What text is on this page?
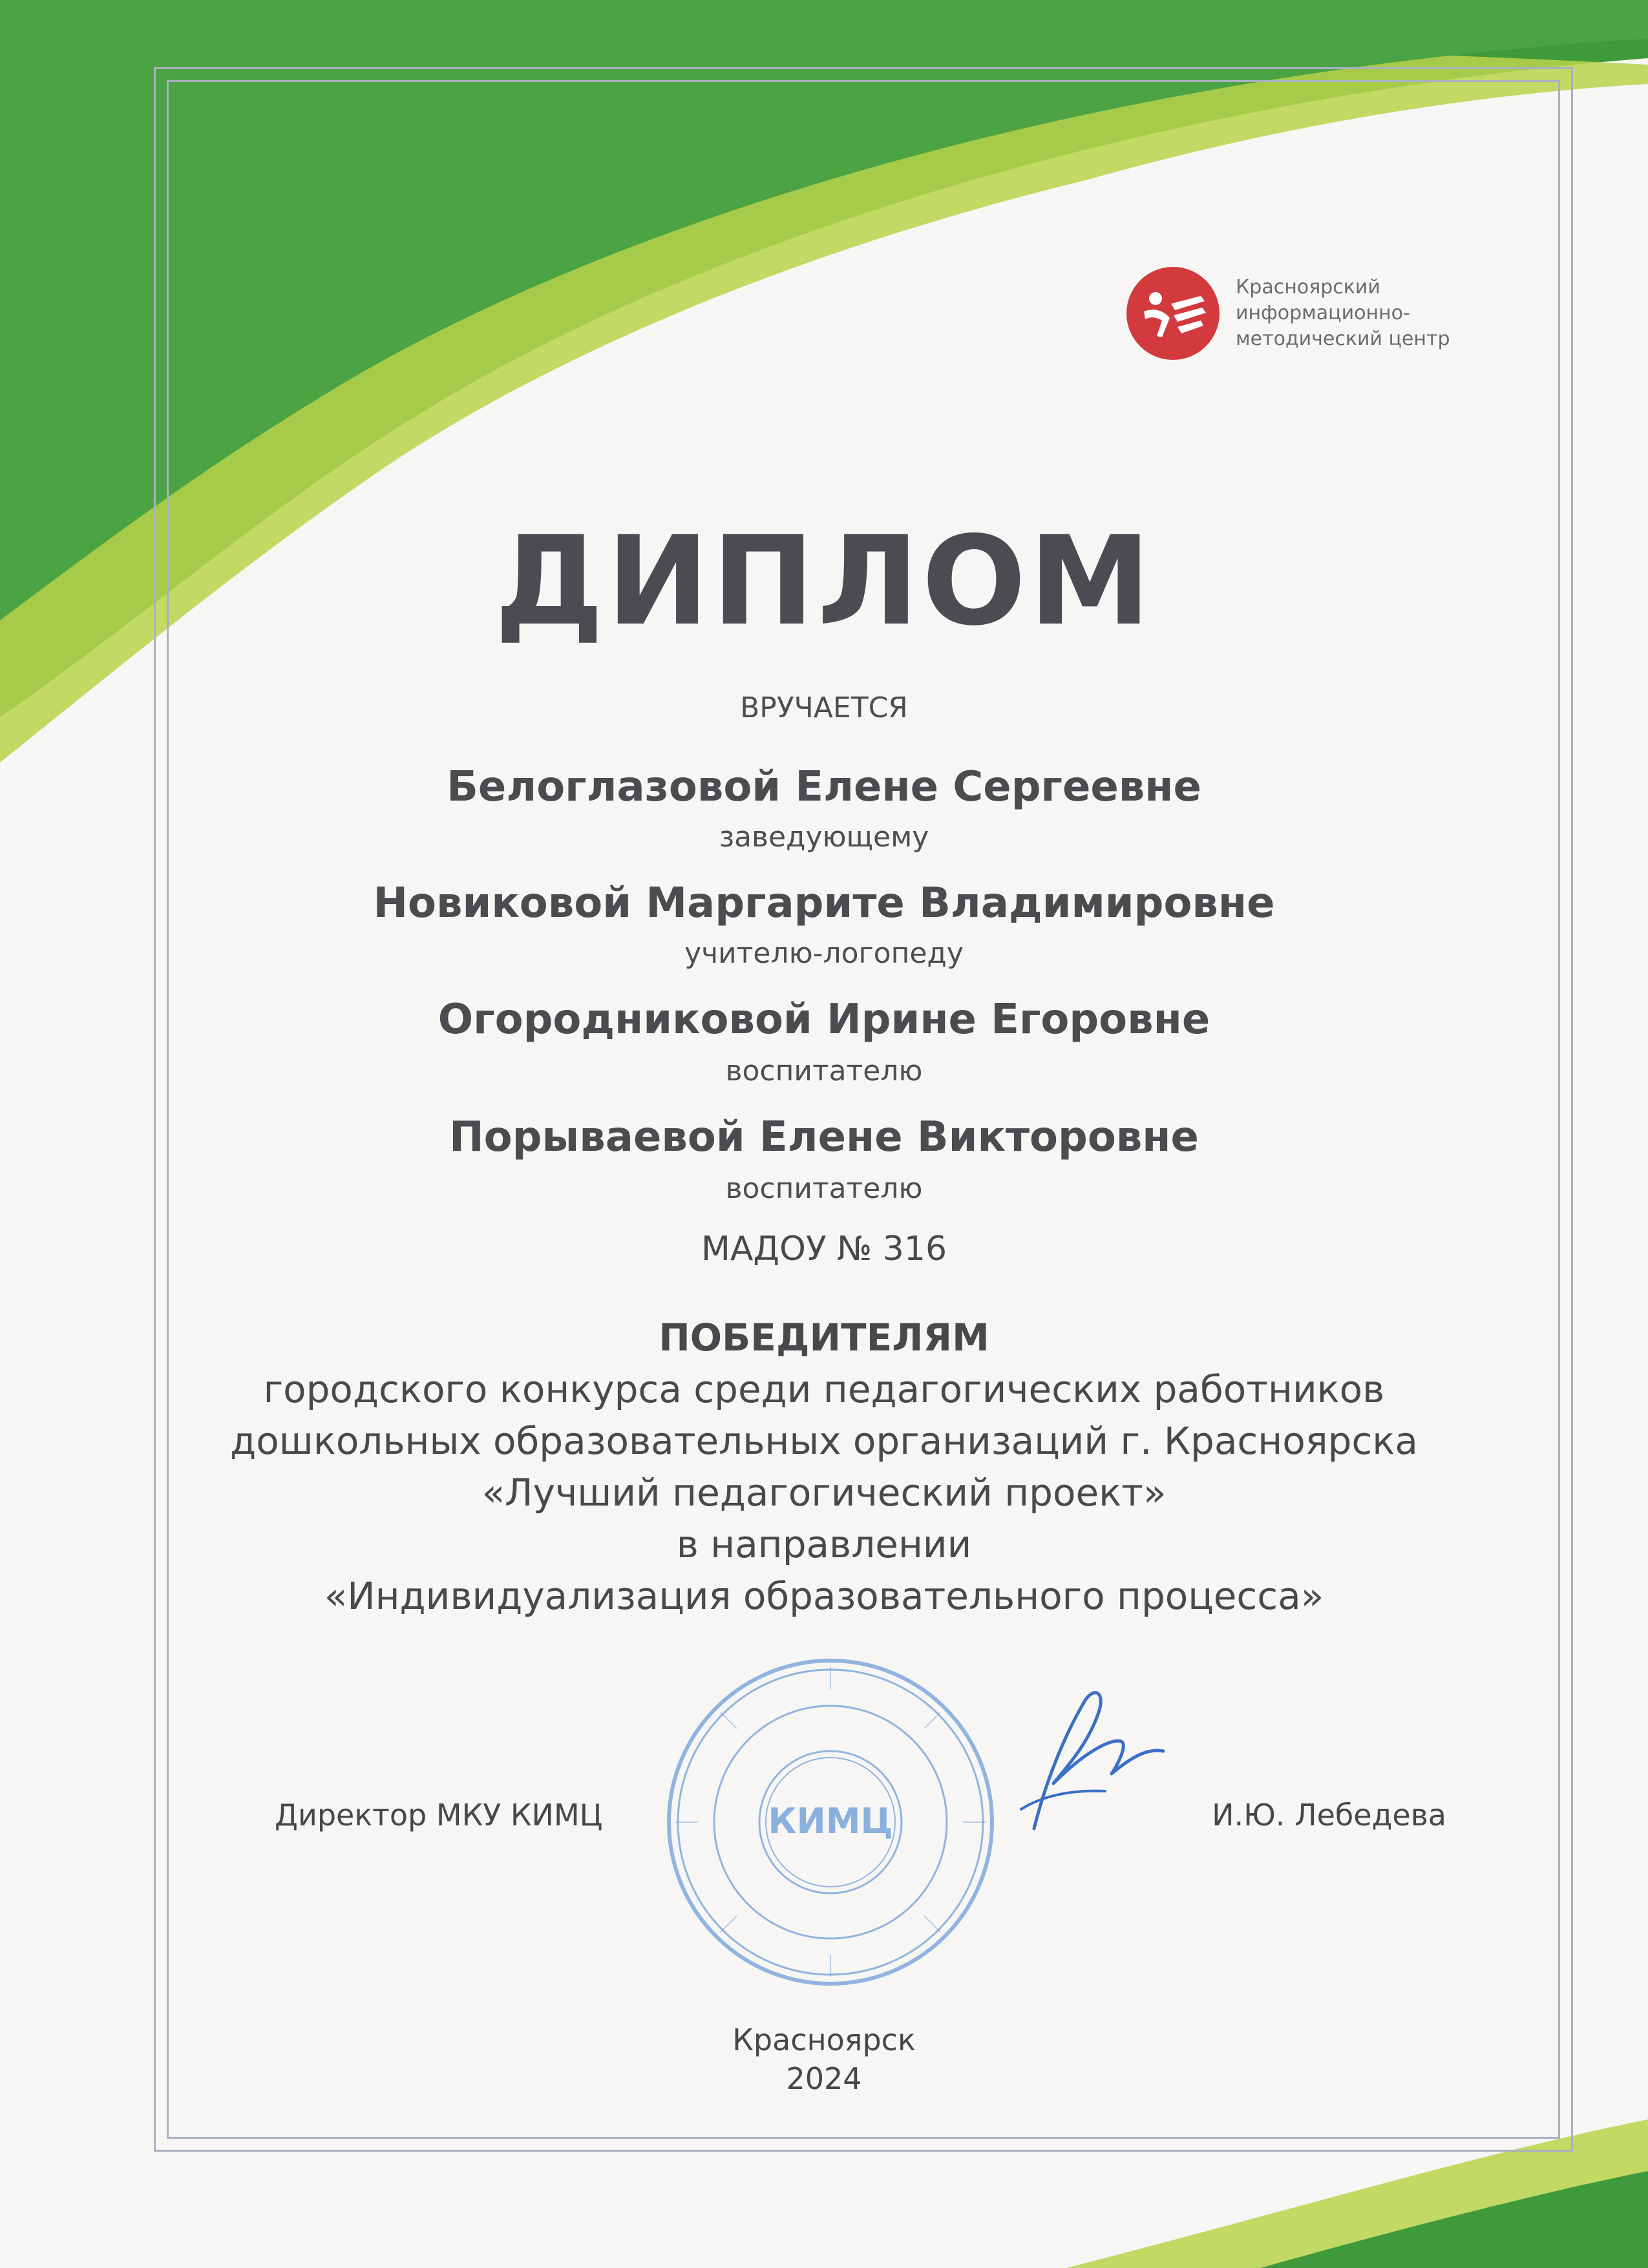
Красноярский
информационно-
методический центр
ДИПЛОМ
ВРУЧАЕТСЯ
Белоглазовой Елене Сергеевне
заведующему
Новиковой Маргарите Владимировне
учителю-логопеду
Огородниковой Ирине Егоровне
воспитателю
Порываевой Елене Викторовне
воспитателю
МАДОУ № 316
ПОБЕДИТЕЛЯМ
городского конкурса среди педагогических работников
дошкольных образовательных организаций г. Красноярска
«Лучший педагогический проект»
в направлении
«Индивидуализация образовательного процесса»
КИМЦ
Директор МКУ КИМЦ	И.Ю. Лебедева
Красноярск
2024
